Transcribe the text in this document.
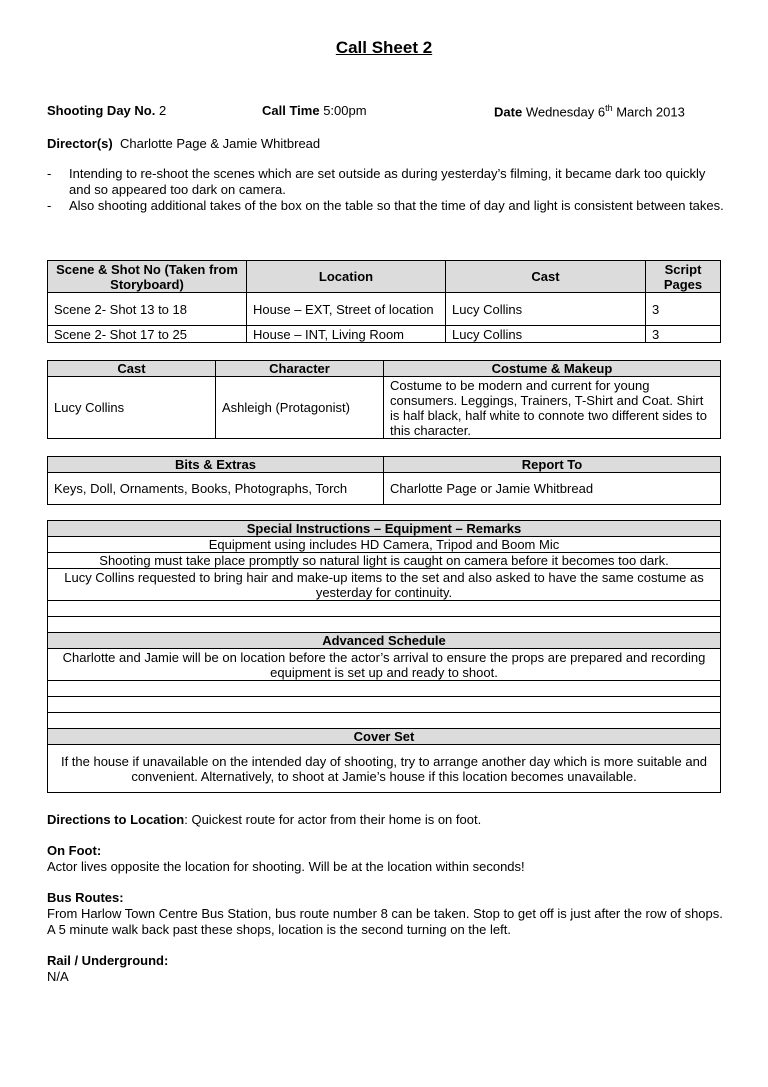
Call Sheet 2
Shooting Day No. 2	Call Time 5:00pm	Date Wednesday 6th March 2013
Director(s) Charlotte Page & Jamie Whitbread
- Intending to re-shoot the scenes which are set outside as during yesterday’s filming, it became dark too quickly and so appeared too dark on camera.
- Also shooting additional takes of the box on the table so that the time of day and light is consistent between takes.
Scene & Shot No (Taken from Storyboard)	Location	Cast	Script Pages
Scene 2- Shot 13 to 18	House – EXT, Street of location	Lucy Collins	3
Scene 2- Shot 17 to 25	House – INT, Living Room	Lucy Collins	3
Cast	Character	Costume & Makeup
Lucy Collins	Ashleigh (Protagonist)	Costume to be modern and current for young consumers. Leggings, Trainers, T-Shirt and Coat. Shirt is half black, half white to connote two different sides to this character.
Bits & Extras	Report To
Keys, Doll, Ornaments, Books, Photographs, Torch	Charlotte Page or Jamie Whitbread
Special Instructions – Equipment – Remarks
Equipment using includes HD Camera, Tripod and Boom Mic
Shooting must take place promptly so natural light is caught on camera before it becomes too dark.
Lucy Collins requested to bring hair and make-up items to the set and also asked to have the same costume as yesterday for continuity.

Advanced Schedule
Charlotte and Jamie will be on location before the actor’s arrival to ensure the props are prepared and recording equipment is set up and ready to shoot.

Cover Set
If the house if unavailable on the intended day of shooting, try to arrange another day which is more suitable and convenient. Alternatively, to shoot at Jamie’s house if this location becomes unavailable.
Directions to Location: Quickest route for actor from their home is on foot.
On Foot:
Actor lives opposite the location for shooting. Will be at the location within seconds!
Bus Routes:
From Harlow Town Centre Bus Station, bus route number 8 can be taken. Stop to get off is just after the row of shops. A 5 minute walk back past these shops, location is the second turning on the left.
Rail / Underground:
N/A
